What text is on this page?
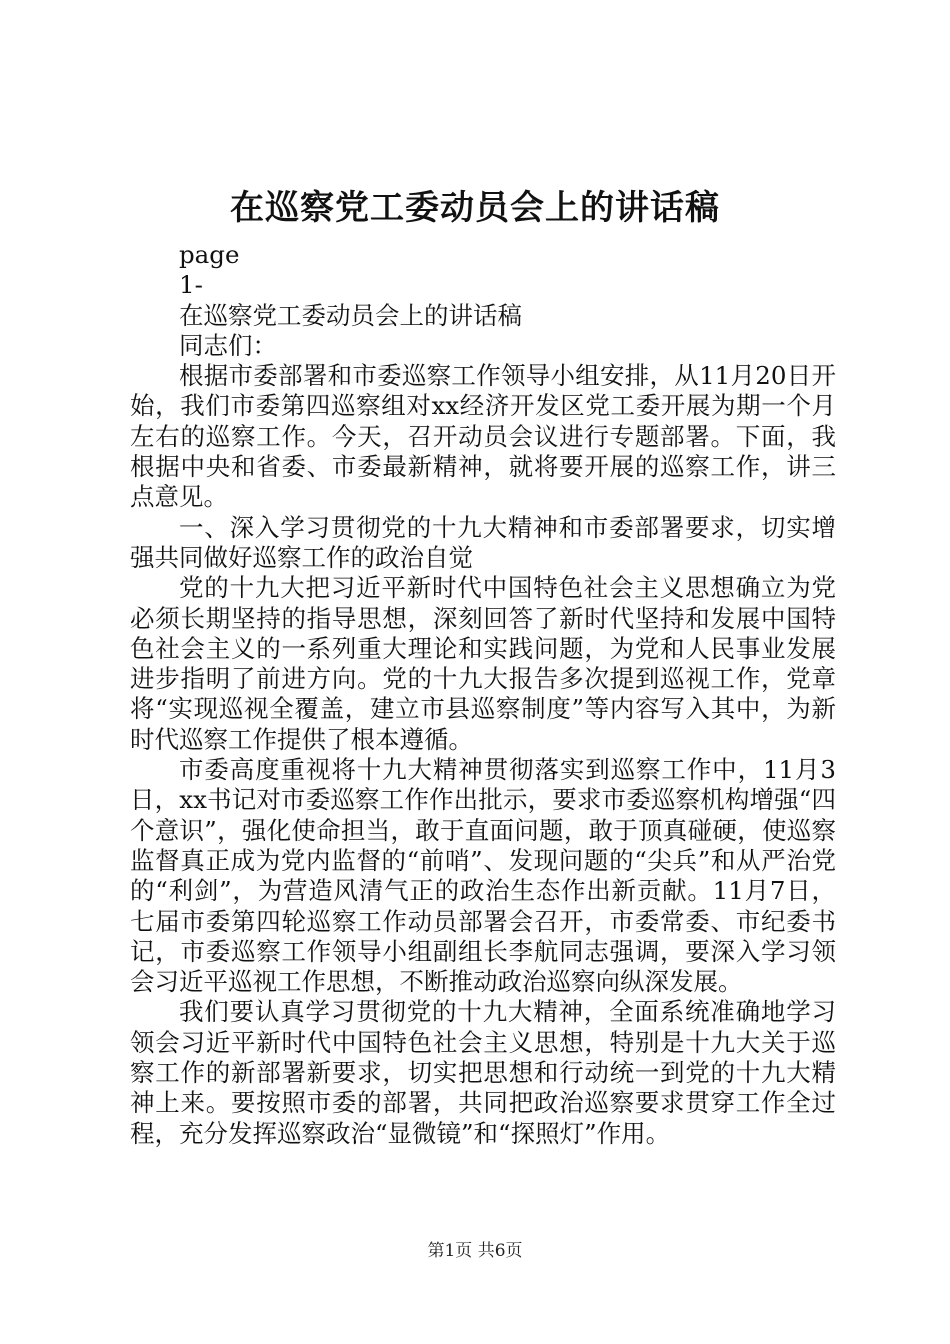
在巡察党工委动员会上的讲话稿

page

1-

在巡察党工委动员会上的讲话稿

同志们：

根据市委部署和市委巡察工作领导小组安排，从11月20日开始，我们市委第四巡察组对xx经济开发区党工委开展为期一个月左右的巡察工作。今天，召开动员会议进行专题部署。下面，我根据中央和省委、市委最新精神，就将要开展的巡察工作，讲三点意见。

一、深入学习贯彻党的十九大精神和市委部署要求，切实增强共同做好巡察工作的政治自觉

党的十九大把习近平新时代中国特色社会主义思想确立为党必须长期坚持的指导思想，深刻回答了新时代坚持和发展中国特色社会主义的一系列重大理论和实践问题，为党和人民事业发展进步指明了前进方向。党的十九大报告多次提到巡视工作，党章将“实现巡视全覆盖，建立市县巡察制度”等内容写入其中，为新时代巡察工作提供了根本遵循。

市委高度重视将十九大精神贯彻落实到巡察工作中，11月3日，xx书记对市委巡察工作作出批示，要求市委巡察机构增强“四个意识”，强化使命担当，敢于直面问题，敢于顶真碰硬，使巡察监督真正成为党内监督的“前哨”、发现问题的“尖兵”和从严治党的“利剑”，为营造风清气正的政治生态作出新贡献。11月7日，七届市委第四轮巡察工作动员部署会召开，市委常委、市纪委书记，市委巡察工作领导小组副组长李航同志强调，要深入学习领会习近平巡视工作思想，不断推动政治巡察向纵深发展。

我们要认真学习贯彻党的十九大精神，全面系统准确地学习领会习近平新时代中国特色社会主义思想，特别是十九大关于巡察工作的新部署新要求，切实把思想和行动统一到党的十九大精神上来。要按照市委的部署，共同把政治巡察要求贯穿工作全过程，充分发挥巡察政治“显微镜”和“探照灯”作用。

第1页 共6页
